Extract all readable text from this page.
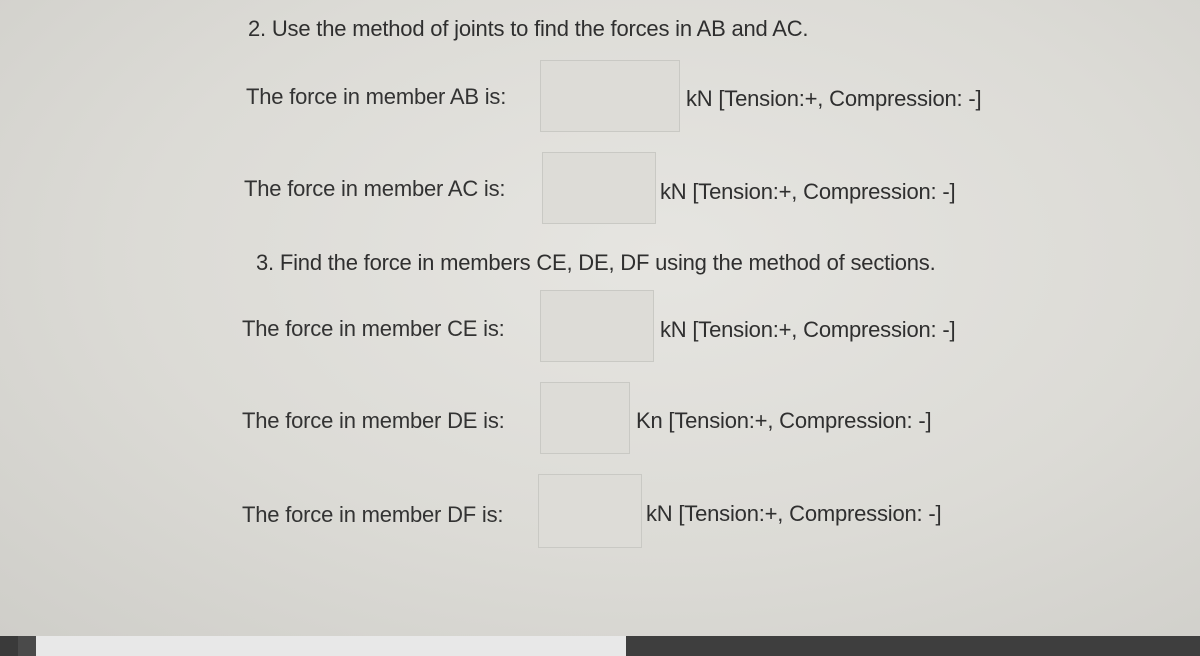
2. Use the method of joints to find the forces in AB and AC.
The force in member AB is:	kN [Tension:+, Compression: -]
The force in member AC is:	kN [Tension:+, Compression: -]
3. Find the force in members CE, DE, DF using the method of sections.
The force in member CE is:	kN [Tension:+, Compression: -]
The force in member DE is:	Kn [Tension:+, Compression: -]
The force in member DF is:	kN [Tension:+, Compression: -]
